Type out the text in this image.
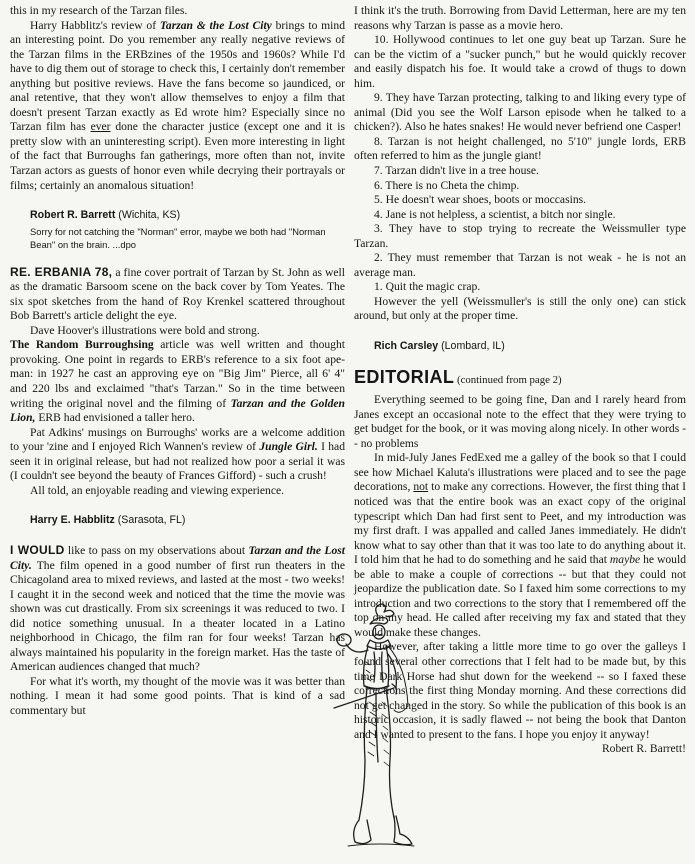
this in my research of the Tarzan files.

Harry Habblitz's review of Tarzan & the Lost City brings to mind an interesting point. Do you remember any really negative reviews of the Tarzan films in the ERBzines of the 1950s and 1960s? While I'd have to dig them out of storage to check this, I certainly don't remember anything but positive reviews. Have the fans become so jaundiced, or anal retentive, that they won't allow themselves to enjoy a film that doesn't present Tarzan exactly as Ed wrote him? Especially since no Tarzan film has ever done the character justice (except one and it is pretty slow with an uninteresting script). Even more interesting in light of the fact that Burroughs fan gatherings, more often than not, invite Tarzan actors as guests of honor even while decrying their portrayals or films; certainly an anomalous situation!

Robert R. Barrett (Wichita, KS)

Sorry for not catching the "Norman" error, maybe we both had "Norman Bean" on the brain. ...dpo

RE. ERBANIA 78, a fine cover portrait of Tarzan by St. John as well as the dramatic Barsoom scene on the back cover by Tom Yeates. The six spot sketches from the hand of Roy Krenkel scattered throughout Bob Barrett's article delight the eye.

Dave Hoover's illustrations were bold and strong.

The Random Burroughsing article was well written and thought provoking. One point in regards to ERB's reference to a six foot ape-man: in 1927 he cast an approving eye on "Big Jim" Pierce, all 6' 4" and 220 lbs and exclaimed "that's Tarzan." So in the time between writing the original novel and the filming of Tarzan and the Golden Lion, ERB had envisioned a taller hero.

Pat Adkins' musings on Burroughs' works are a welcome addition to your 'zine and I enjoyed Rich Wannen's review of Jungle Girl. I had seen it in original release, but had not realized how poor a serial it was (I couldn't see beyond the beauty of Frances Gifford) - such a crush!

All told, an enjoyable reading and viewing experience.

Harry E. Habblitz (Sarasota, FL)

I WOULD like to pass on my observations about Tarzan and the Lost City. The film opened in a good number of first run theaters in the Chicagoland area to mixed reviews, and lasted at the most - two weeks! I caught it in the second week and noticed that the time the movie was shown was cut drastically. From six screenings it was reduced to two. I did notice something unusual. In a theater located in a Latino neighborhood in Chicago, the film ran for four weeks! Tarzan has always maintained his popularity in the foreign market. Has the taste of American audiences changed that much?

For what it's worth, my thought of the movie was it was better than nothing. I mean it had some good points. That is kind of a sad commentary but

I think it's the truth. Borrowing from David Letterman, here are my ten reasons why Tarzan is passe as a movie hero.

10. Hollywood continues to let one guy beat up Tarzan. Sure he can be the victim of a "sucker punch," but he would quickly recover and easily dispatch his foe. It would take a crowd of thugs to down him.

9. They have Tarzan protecting, talking to and liking every type of animal (Did you see the Wolf Larson episode when he talked to a chicken?). Also he hates snakes! He would never befriend one Casper!

8. Tarzan is not height challenged, no 5'10" jungle lords, ERB often referred to him as the jungle giant!

7. Tarzan didn't live in a tree house.

6. There is no Cheta the chimp.

5. He doesn't wear shoes, boots or moccasins.

4. Jane is not helpless, a scientist, a bitch nor single.

3. They have to stop trying to recreate the Weissmuller type Tarzan.

2. They must remember that Tarzan is not weak - he is not an average man.

1. Quit the magic crap.

However the yell (Weissmuller's is still the only one) can stick around, but only at the proper time.

Rich Carsley (Lombard, IL)

EDITORIAL (continued from page 2)

Everything seemed to be going fine, Dan and I rarely heard from Janes except an occasional note to the effect that they were trying to get budget for the book, or it was moving along nicely. In other words -- no problems

In mid-July Janes FedExed me a galley of the book so that I could see how Michael Kaluta's illustrations were placed and to see the page decorations, not to make any corrections. However, the first thing that I noticed was that the entire book was an exact copy of the original typescript which Dan had first sent to Peet, and my introduction was my first draft. I was appalled and called Janes immediately. He didn't know what to say other than that it was too late to do anything about it. I told him that he had to do something and he said that maybe he would be able to make a couple of corrections -- but that they could not jeopardize the publication date. So I faxed him some corrections to my introduction and two corrections to the story that I remembered off the top on my head. He called after receiving my fax and stated that they would make these changes.

However, after taking a little more time to go over the galleys I found several other corrections that I felt had to be made but, by this time Dark Horse had shut down for the weekend -- so I faxed these corrections the first thing Monday morning. And these corrections did not get changed in the story. So while the publication of this book is an historic occasion, it is sadly flawed -- not being the book that Danton and I wanted to present to the fans. I hope you enjoy it anyway!

Robert R. Barrett!
